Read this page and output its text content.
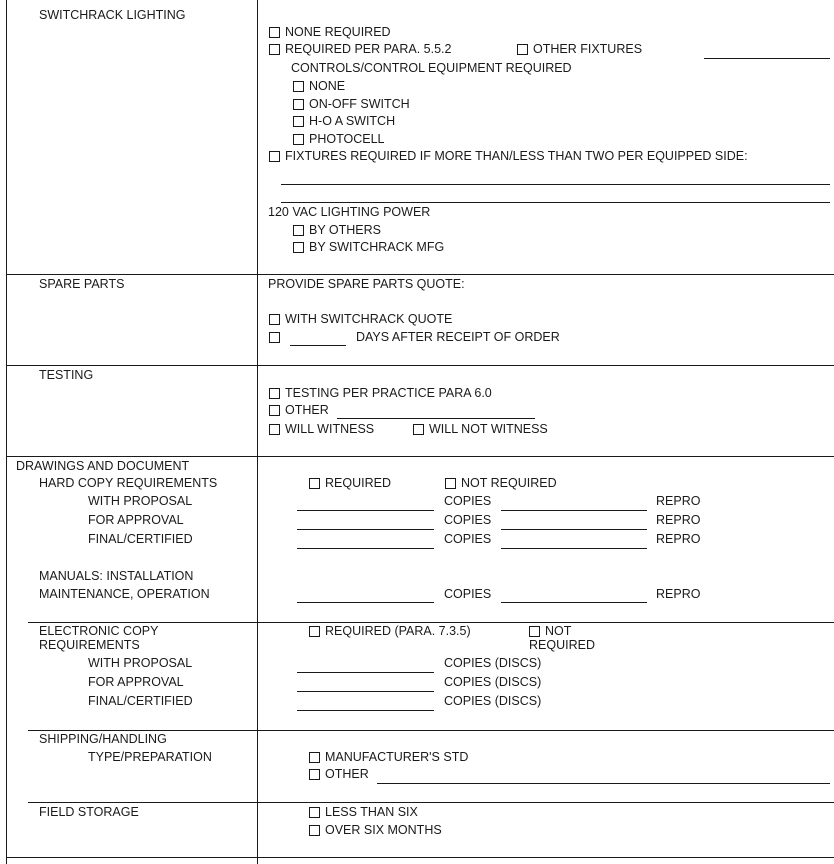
SWITCHRACK LIGHTING
NONE REQUIRED
REQUIRED PER PARA. 5.5.2	OTHER FIXTURES
CONTROLS/CONTROL EQUIPMENT REQUIRED
NONE
ON-OFF SWITCH
H-O A SWITCH
PHOTOCELL
FIXTURES REQUIRED IF MORE THAN/LESS THAN TWO PER EQUIPPED SIDE:
120 VAC LIGHTING POWER
BY OTHERS
BY SWITCHRACK MFG
SPARE PARTS	PROVIDE SPARE PARTS QUOTE:
WITH SWITCHRACK QUOTE
DAYS AFTER RECEIPT OF ORDER
TESTING
TESTING PER PRACTICE PARA 6.0
OTHER
WILL WITNESS	WILL NOT WITNESS
DRAWINGS AND DOCUMENT
HARD COPY REQUIREMENTS	REQUIRED	NOT REQUIRED
WITH PROPOSAL	COPIES	REPRO
FOR APPROVAL	COPIES	REPRO
FINAL/CERTIFIED	COPIES	REPRO
MANUALS: INSTALLATION
MAINTENANCE, OPERATION	COPIES	REPRO
ELECTRONIC COPY
REQUIREMENTS
REQUIRED (PARA. 7.3.5)	NOT
REQUIRED
WITH PROPOSAL	COPIES (DISCS)
FOR APPROVAL	COPIES (DISCS)
FINAL/CERTIFIED	COPIES (DISCS)
SHIPPING/HANDLING
TYPE/PREPARATION	MANUFACTURER'S STD
OTHER
FIELD STORAGE	LESS THAN SIX
OVER SIX MONTHS
